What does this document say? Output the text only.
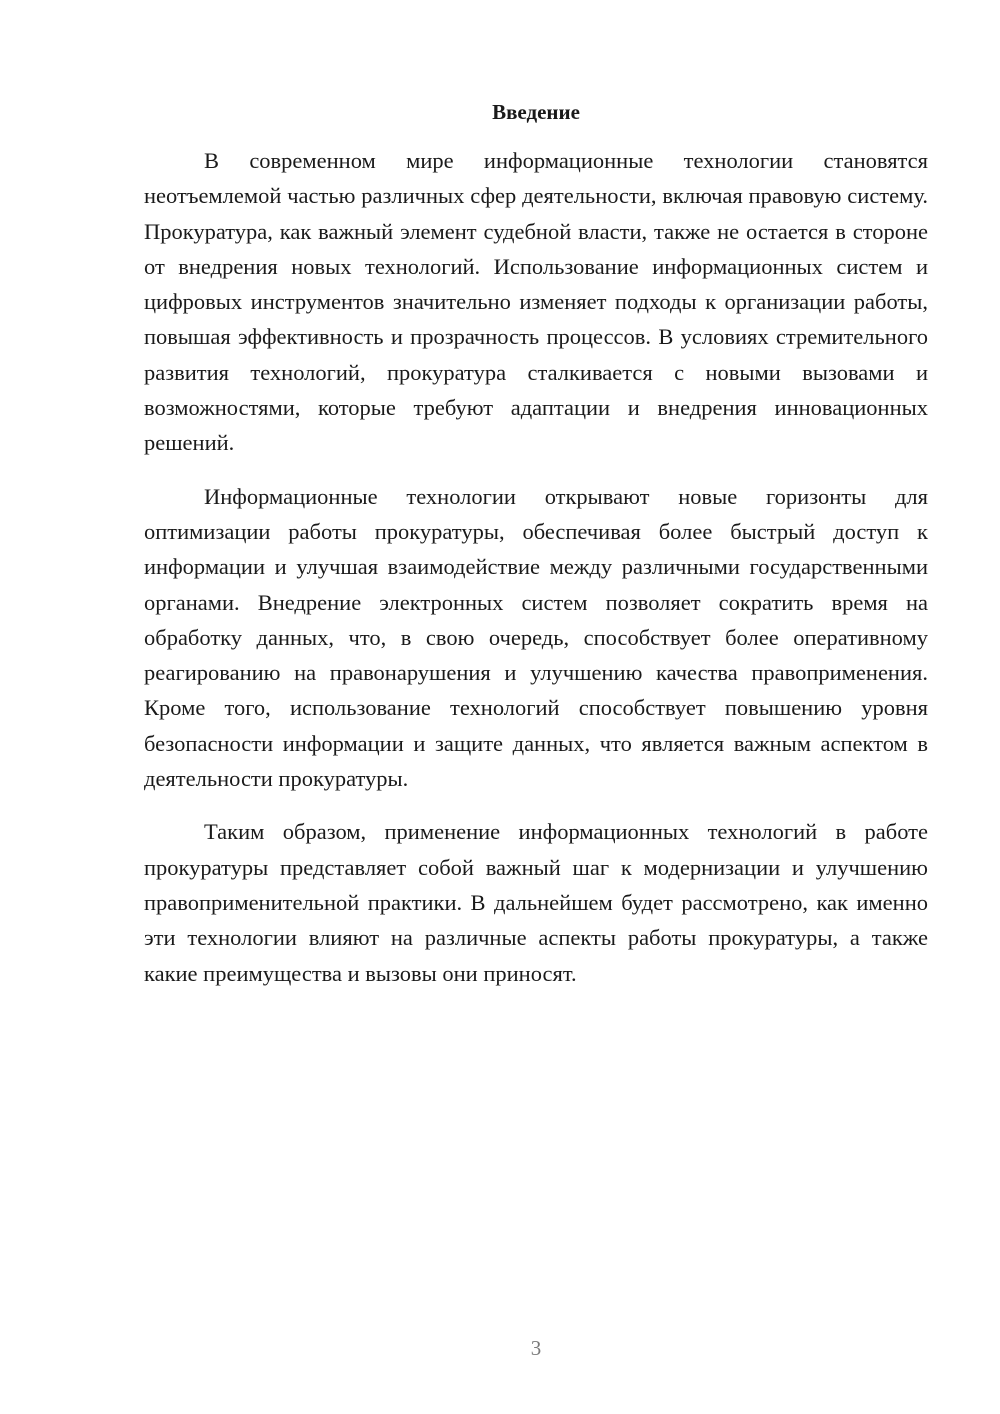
Введение

В современном мире информационные технологии становятся неотъемлемой частью различных сфер деятельности, включая правовую систему. Прокуратура, как важный элемент судебной власти, также не остается в стороне от внедрения новых технологий. Использование информационных систем и цифровых инструментов значительно изменяет подходы к организации работы, повышая эффективность и прозрачность процессов. В условиях стремительного развития технологий, прокуратура сталкивается с новыми вызовами и возможностями, которые требуют адаптации и внедрения инновационных решений.

Информационные технологии открывают новые горизонты для оптимизации работы прокуратуры, обеспечивая более быстрый доступ к информации и улучшая взаимодействие между различными государственными органами. Внедрение электронных систем позволяет сократить время на обработку данных, что, в свою очередь, способствует более оперативному реагированию на правонарушения и улучшению качества правоприменения. Кроме того, использование технологий способствует повышению уровня безопасности информации и защите данных, что является важным аспектом в деятельности прокуратуры.

Таким образом, применение информационных технологий в работе прокуратуры представляет собой важный шаг к модернизации и улучшению правоприменительной практики. В дальнейшем будет рассмотрено, как именно эти технологии влияют на различные аспекты работы прокуратуры, а также какие преимущества и вызовы они приносят.

3
